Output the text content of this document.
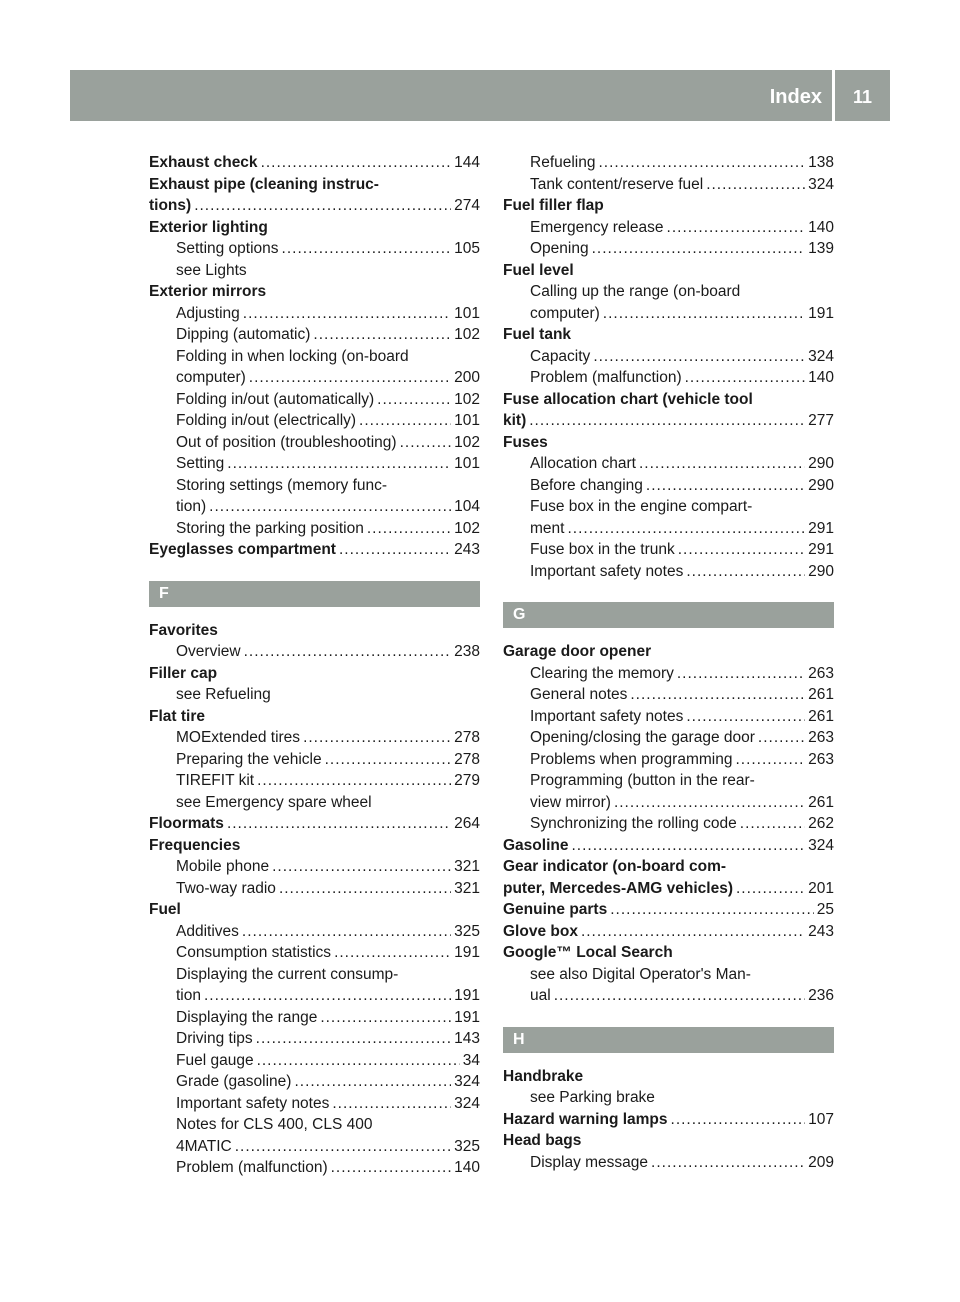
Index	11
Exhaust check .....	144
Exhaust pipe (cleaning instruc-
tions) .....	274
Exterior lighting
Setting options .....	105
see Lights
Exterior mirrors
Adjusting .....	101
Dipping (automatic) .....	102
Folding in when locking (on-board
computer) .....	200
Folding in/out (automatically) .....	102
Folding in/out (electrically) .....	101
Out of position (troubleshooting) .....	102
Setting .....	101
Storing settings (memory func-
tion) .....	104
Storing the parking position .....	102
Eyeglasses compartment .....	243
F
Favorites
Overview .....	238
Filler cap
see Refueling
Flat tire
MOExtended tires .....	278
Preparing the vehicle .....	278
TIREFIT kit .....	279
see Emergency spare wheel
Floormats .....	264
Frequencies
Mobile phone .....	321
Two-way radio .....	321
Fuel
Additives .....	325
Consumption statistics .....	191
Displaying the current consump-
tion .....	191
Displaying the range .....	191
Driving tips .....	143
Fuel gauge .....	34
Grade (gasoline) .....	324
Important safety notes .....	324
Notes for CLS 400, CLS 400
4MATIC .....	325
Problem (malfunction) .....	140
Refueling .....	138
Tank content/reserve fuel .....	324
Fuel filler flap
Emergency release .....	140
Opening .....	139
Fuel level
Calling up the range (on-board
computer) .....	191
Fuel tank
Capacity .....	324
Problem (malfunction) .....	140
Fuse allocation chart (vehicle tool
kit) .....	277
Fuses
Allocation chart .....	290
Before changing .....	290
Fuse box in the engine compart-
ment .....	291
Fuse box in the trunk .....	291
Important safety notes .....	290
G
Garage door opener
Clearing the memory .....	263
General notes .....	261
Important safety notes .....	261
Opening/closing the garage door .....	263
Problems when programming .....	263
Programming (button in the rear-
view mirror) .....	261
Synchronizing the rolling code .....	262
Gasoline .....	324
Gear indicator (on-board com-
puter, Mercedes-AMG vehicles) .....	201
Genuine parts .....	25
Glove box .....	243
Google™ Local Search
see also Digital Operator's Man-
ual .....	236
H
Handbrake
see Parking brake
Hazard warning lamps .....	107
Head bags
Display message .....	209
